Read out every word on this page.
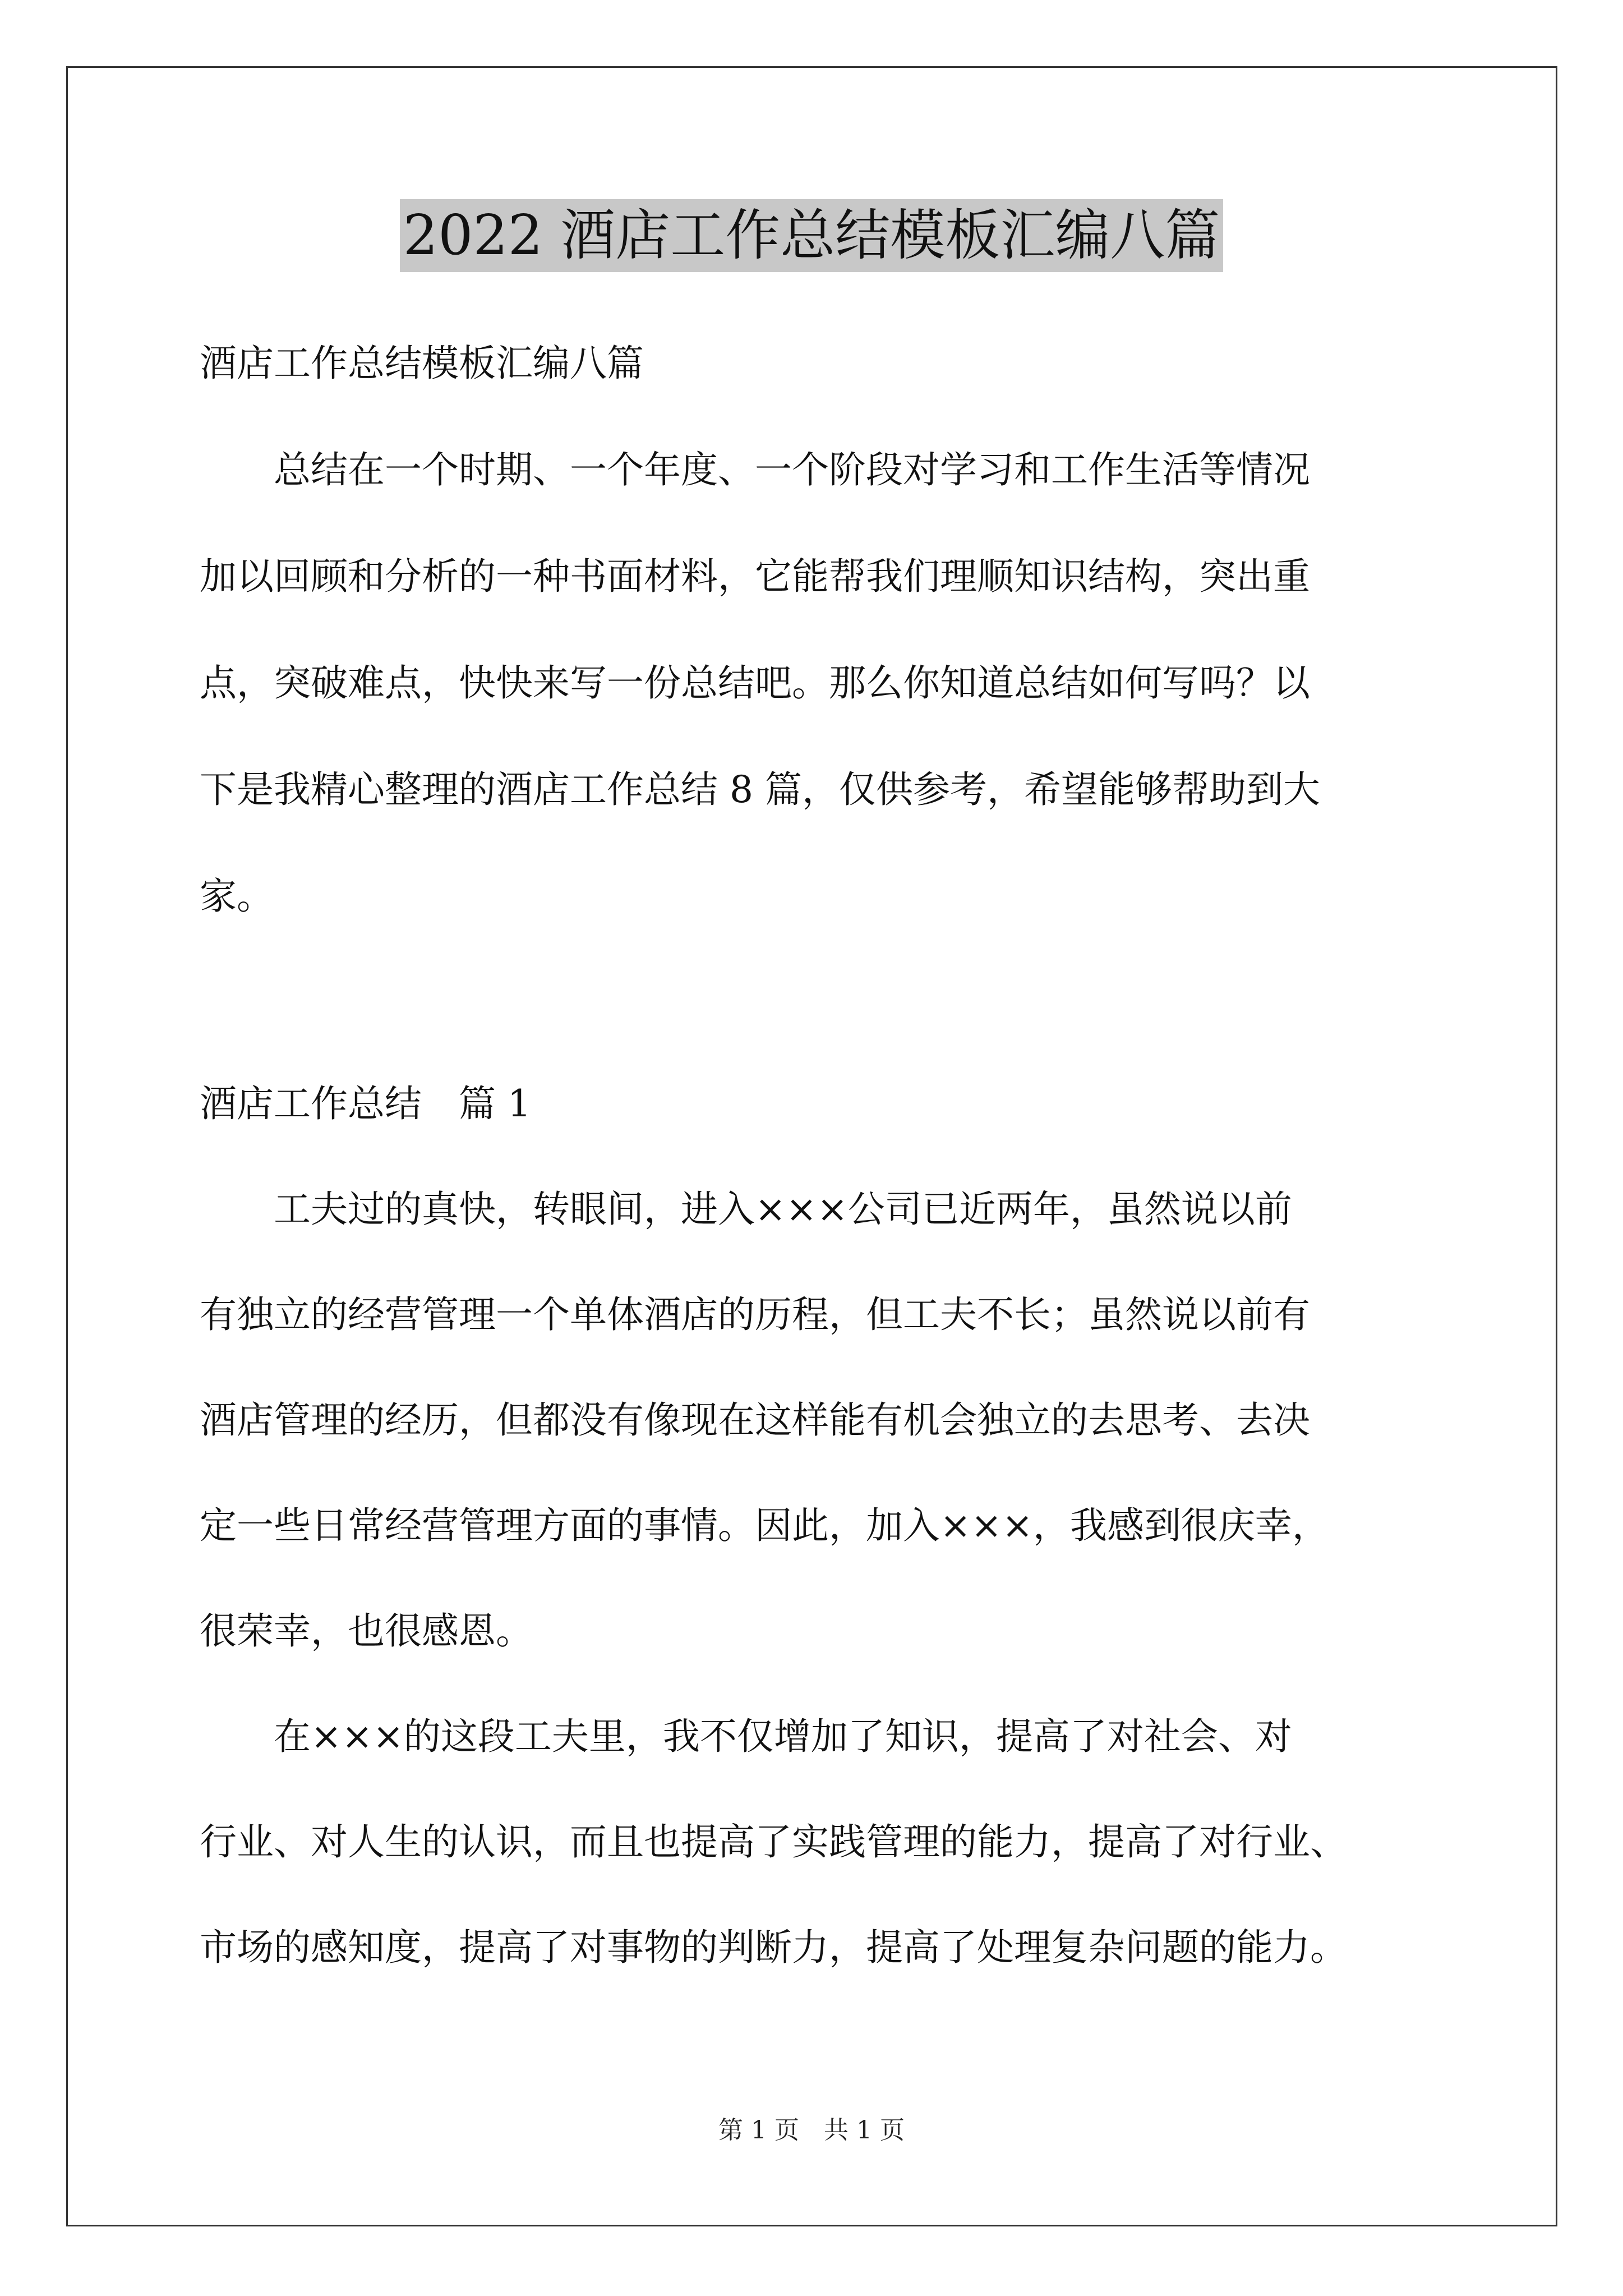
2022 酒店工作总结模板汇编八篇
酒店工作总结模板汇编八篇
　　总结在一个时期、一个年度、一个阶段对学习和工作生活等情况
加以回顾和分析的一种书面材料，它能帮我们理顺知识结构，突出重
点，突破难点，快快来写一份总结吧。那么你知道总结如何写吗？以
下是我精心整理的酒店工作总结 8 篇，仅供参考，希望能够帮助到大
家。
酒店工作总结　篇 1
　　工夫过的真快，转眼间，进入×××公司已近两年，虽然说以前
有独立的经营管理一个单体酒店的历程，但工夫不长；虽然说以前有
酒店管理的经历，但都没有像现在这样能有机会独立的去思考、去决
定一些日常经营管理方面的事情。因此，加入×××，我感到很庆幸，
很荣幸，也很感恩。
　　在×××的这段工夫里，我不仅增加了知识，提高了对社会、对
行业、对人生的认识，而且也提高了实践管理的能力，提高了对行业、
市场的感知度，提高了对事物的判断力，提高了处理复杂问题的能力。
第 1 页　共 1 页
